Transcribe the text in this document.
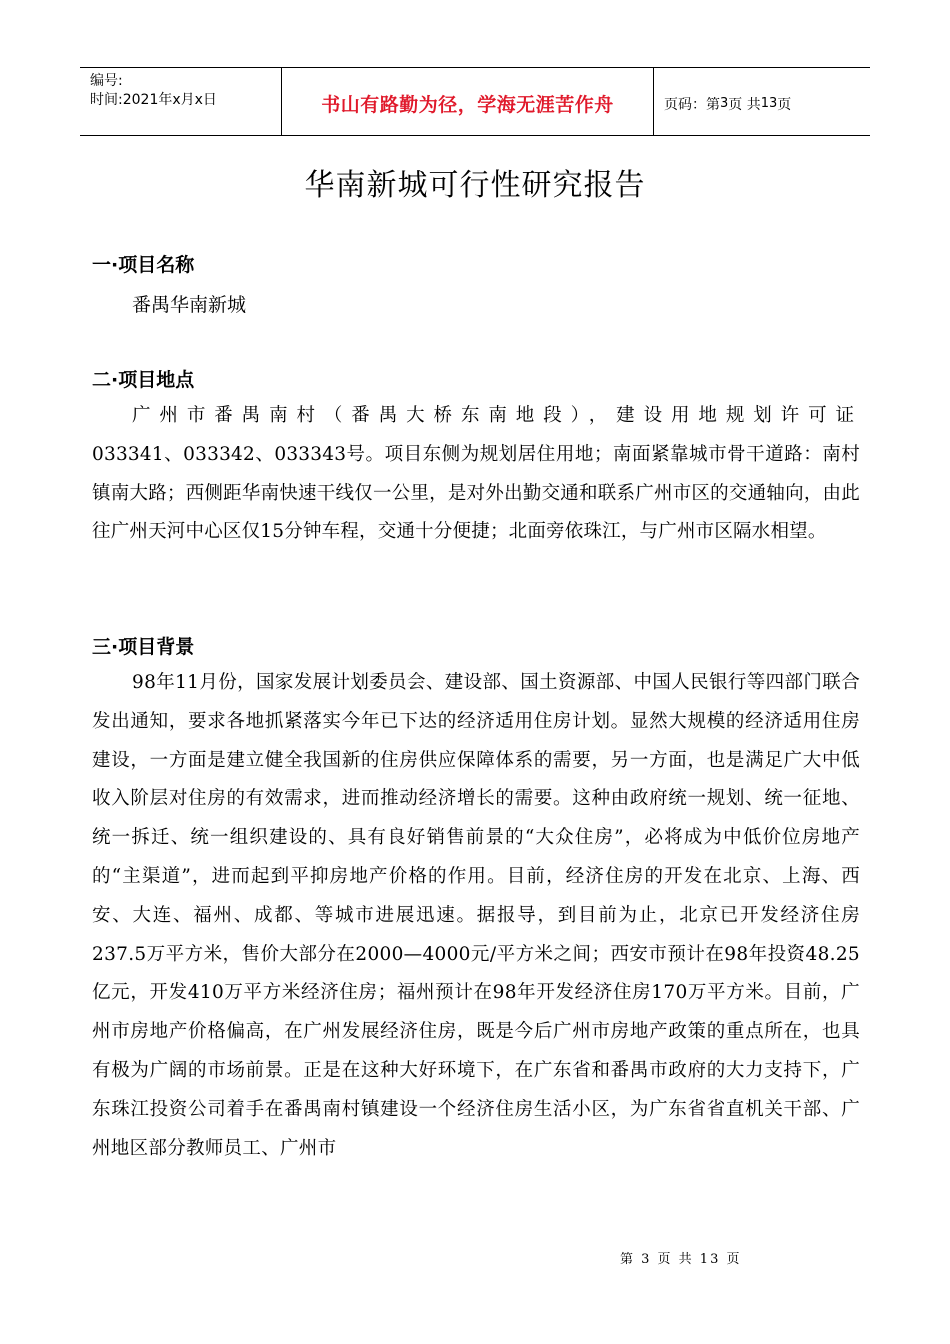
编号:
时间:2021年x月x日	书山有路勤为径，学海无涯苦作舟	页码：第 3 页 共 13 页
华南新城可行性研究报告
一·项目名称
番禺华南新城
二·项目地点
广州市番禺南村（番禺大桥东南地段），建设用地规划许可证
033341、033342、033343号。项目东侧为规划居住用地；南面紧靠城市骨干道路：南村镇南大路；西侧距华南快速干线仅一公里，是对外出勤交通和联系广州市区的交通轴向，由此往广州天河中心区仅15分钟车程，交通十分便捷；北面旁依珠江，与广州市区隔水相望。
三·项目背景

98年11月份，国家发展计划委员会、建设部、国土资源部、中国人民银行等四部门联合发出通知，要求各地抓紧落实今年已下达的经济适用住房计划。显然大规模的经济适用住房建设，一方面是建立健全我国新的住房供应保障体系的需要，另一方面，也是满足广大中低收入阶层对住房的有效需求，进而推动经济增长的需要。这种由政府统一规划、统一征地、统一拆迁、统一组织建设的、具有良好销售前景的“大众住房”，必将成为中低价位房地产的“主渠道”，进而起到平抑房地产价格的作用。目前，经济住房的开发在北京、上海、西安、大连、福州、成都、等城市进展迅速。据报导，到目前为止，北京已开发经济住房237.5万平方米，售价大部分在2000—4000元/平方米之间；西安市预计在98年投资48.25亿元，开发410万平方米经济住房；福州预计在98年开发经济住房170万平方米。目前，广州市房地产价格偏高，在广州发展经济住房，既是今后广州市房地产政策的重点所在，也具有极为广阔的市场前景。正是在这种大好环境下，在广东省和番禺市政府的大力支持下，广东珠江投资公司着手在番禺南村镇建设一个经济住房生活小区，为广东省省直机关干部、广州地区部分教师员工、广州市

第 3 页 共 13 页
